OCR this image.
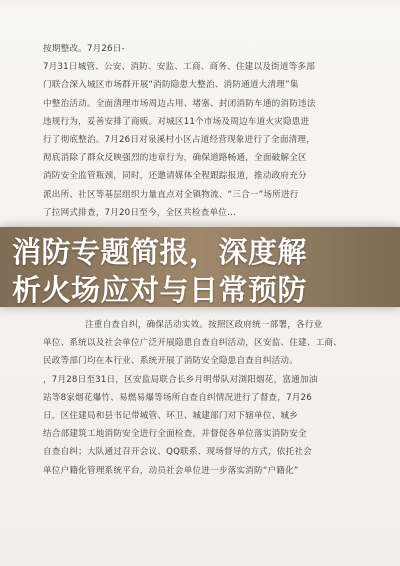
按期整改。7月26日-
7月31日城管、公安、消防、安监、工商、商务、住建以及街道等多部
门联合深入城区市场群开展“消防隐患大整治、消防通道大清理”集
中整治活动。全面清理市场周边占用、堵塞、封闭消防车通的消防违法
违规行为，妥善安排了商贩。对城区11个市场及周边车道火灾隐患进
行了彻底整治。7月26日对泉溪村小区占道经营现象进行了全面清理，
彻底消除了群众反映强烈的违章行为，确保道路畅通，全面破解全区
消防安全监管瓶颈，同时，还邀请媒体全程跟踪报道，推动政府充分
派出所、社区等基层组织力量直点对全镇物流、“三合一”场所进行
了拉网式排查，7月20日至今，全区共检查单位...
注重自查自纠，确保活动实效。按照区政府统一部署，各行业
单位、系统以及社会单位广泛开展隐患自查自纠活动，区安监、住建、工商、
民政等部门均在本行业、系统开展了消防安全隐患自查自纠活动。
，7月28日至31日，区安监局联合长乡月明带队对浏阳烟花，富通加油
站等8家烟花爆竹、易燃易爆等场所自查自纠情况进行了督查，7月26
日，区住建局和县书记带城管、环卫、城建部门对下辖单位、城乡
结合部建筑工地消防安全进行全面检查，并督促各单位落实消防安全
自查自纠；大队通过召开会议、QQ联系、现场督导的方式，依托社会
单位户籍化管理系统平台，动员社会单位进一步落实消防“户籍化”
消防专题简报，深度解
析火场应对与日常预防
